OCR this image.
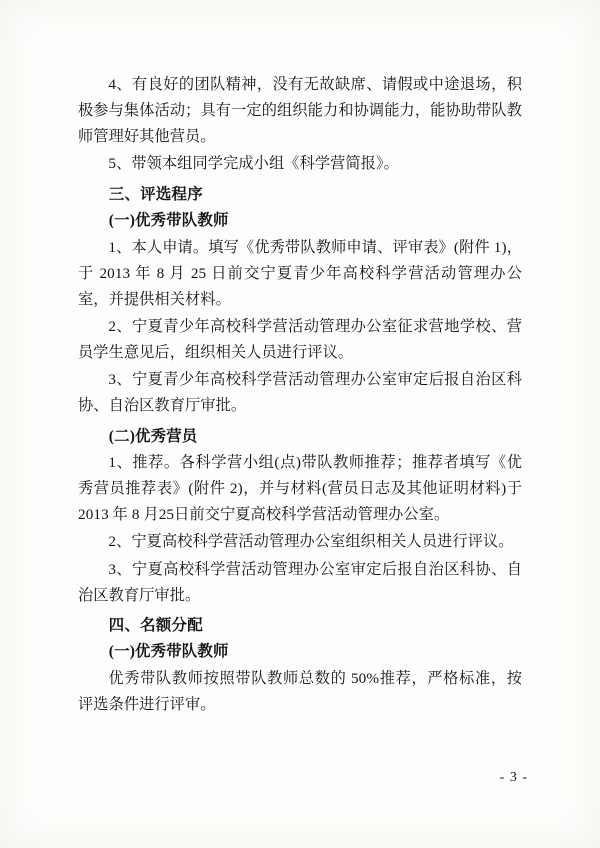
4、有良好的团队精神，没有无故缺席、请假或中途退场，积极参与集体活动；具有一定的组织能力和协调能力，能协助带队教师管理好其他营员。

5、带领本组同学完成小组《科学营简报》。

三、评选程序

(一)优秀带队教师

1、本人申请。填写《优秀带队教师申请、评审表》(附件 1)，于 2013 年 8 月 25 日前交宁夏青少年高校科学营活动管理办公室，并提供相关材料。

2、宁夏青少年高校科学营活动管理办公室征求营地学校、营员学生意见后，组织相关人员进行评议。

3、宁夏青少年高校科学营活动管理办公室审定后报自治区科协、自治区教育厅审批。

(二)优秀营员

1、推荐。各科学营小组(点)带队教师推荐；推荐者填写《优秀营员推荐表》(附件 2)，并与材料(营员日志及其他证明材料)于 2013 年 8 月25日前交宁夏高校科学营活动管理办公室。

2、宁夏高校科学营活动管理办公室组织相关人员进行评议。

3、宁夏高校科学营活动管理办公室审定后报自治区科协、自治区教育厅审批。

四、名额分配

(一)优秀带队教师

优秀带队教师按照带队教师总数的 50%推荐，严格标准，按评选条件进行评审。

- 3 -
